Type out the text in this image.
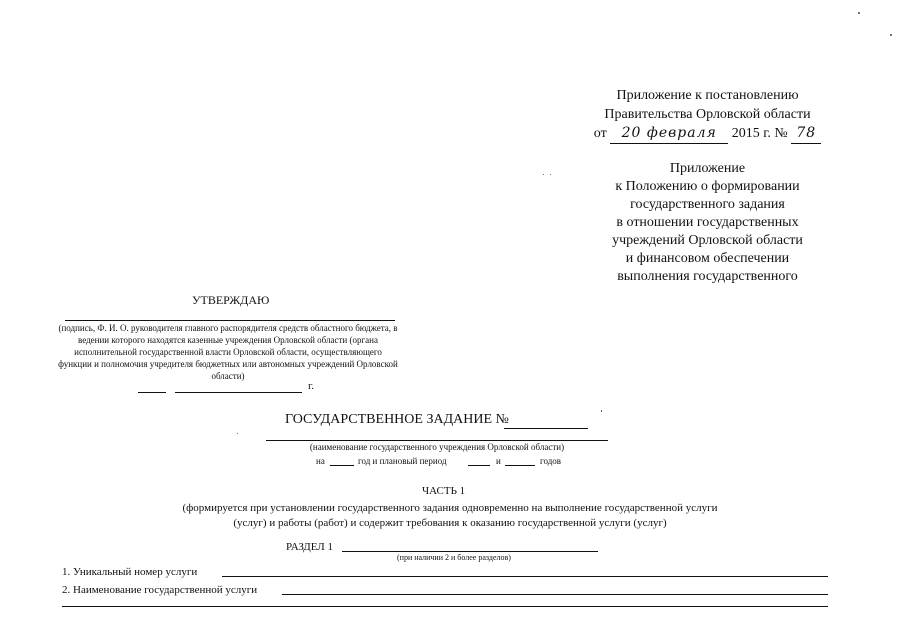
Приложение к постановлению
Правительства Орловской области
от 20 февраля 2015 г. № 78
Приложение
к Положению о формировании
государственного задания
в отношении государственных
учреждений Орловской области
и финансовом обеспечении
выполнения государственного
УТВЕРЖДАЮ
(подпись, Ф. И. О. руководителя главного распорядителя средств областного бюджета, в ведении которого находятся казенные учреждения Орловской области (органа исполнительной государственной власти Орловской области, осуществляющего функции и полномочия учредителя бюджетных или автономных учреждений Орловской области)
г.
ГОСУДАРСТВЕННОЕ ЗАДАНИЕ №
(наименование государственного учреждения Орловской области)
на	год и плановый период	и	годов
ЧАСТЬ 1
(формируется при установлении государственного задания одновременно на выполнение государственной услуги
(услуг) и работы (работ) и содержит требования к оказанию государственной услуги (услуг)
РАЗДЕЛ 1
(при наличии 2 и более разделов)
1. Уникальный номер услуги
2. Наименование государственной услуги
